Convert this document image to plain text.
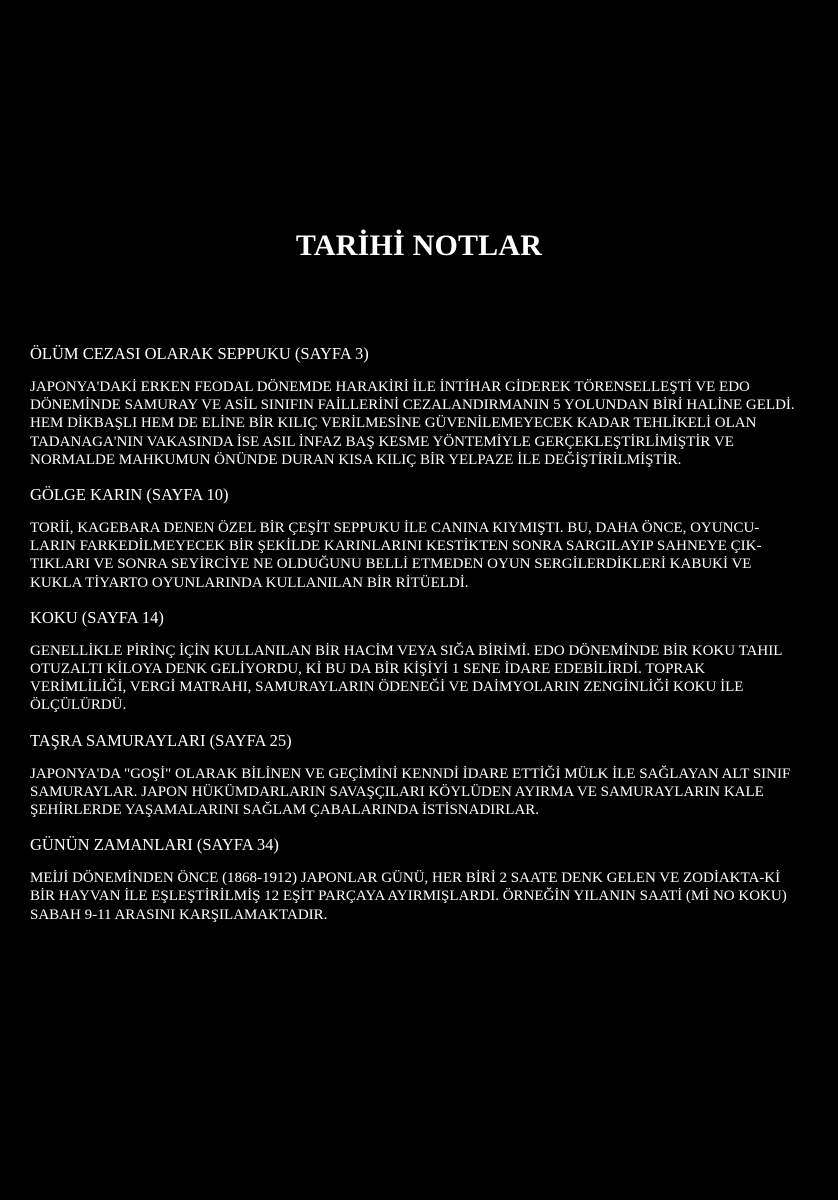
TARİHİ NOTLAR
ÖLÜM CEZASI OLARAK SEPPUKU (SAYFA 3)

JAPONYA'DAKİ ERKEN FEODAL DÖNEMDE HARAKİRİ İLE İNTİHAR GİDEREK TÖRENSELLEŞTİ VE EDO DÖNEMİNDE SAMURAY VE ASİL SINIFIN FAİLLERİNİ CEZALANDIRMANIN 5 YOLUNDAN BİRİ HALİNE GELDİ. HEM DİKBAŞLI HEM DE ELİNE BİR KILIÇ VERİLMESİNE GÜVENİLEMEYECEK KADAR TEHLİKELİ OLAN TADANAGA'NIN VAKASINDA İSE ASIL İNFAZ BAŞ KESME YÖNTEMİYLE GERÇEKLEŞTİRLİMİŞTİR VE NORMALDE MAHKUMUN ÖNÜNDE DURAN KISA KILIÇ BİR YELPAZE İLE DEĞİŞTİRİLMİŞTİR.

GÖLGE KARIN (SAYFA 10)

TORİİ, KAGEBARA DENEN ÖZEL BİR ÇEŞİT SEPPUKU İLE CANINA KIYMIŞTI. BU, DAHA ÖNCE, OYUNCU-LARIN FARKEDİLMEYECEK BİR ŞEKİLDE KARINLARINI KESTİKTEN SONRA SARGILAYIP SAHNEYE ÇIK-TIKLARI VE SONRA SEYİRCİYE NE OLDUĞUNU BELLİ ETMEDEN OYUN SERGİLERDİKLERİ KABUKİ VE KUKLA TİYARTO OYUNLARINDA KULLANILAN BİR RİTÜELDİ.

KOKU (SAYFA 14)

GENELLİKLE PİRİNÇ İÇİN KULLANILAN BİR HACİM VEYA SIĞA BİRİMİ. EDO DÖNEMİNDE BİR KOKU TAHIL OTUZALTI KİLOYA DENK GELİYORDU, Kİ BU DA BİR KİŞİYİ 1 SENE İDARE EDEBİLİRDİ. TOPRAK VERİMLİLİĞİ, VERGİ MATRAHI, SAMURAYLARIN ÖDENEĞİ VE DAİMYOLARIN ZENGİNLİĞİ KOKU İLE ÖLÇÜLÜRDÜ.

TAŞRA SAMURAYLARI (SAYFA 25)

JAPONYA'DA "GOŞİ" OLARAK BİLİNEN VE GEÇİMİNİ KENNDİ İDARE ETTİĞİ MÜLK İLE SAĞLAYAN ALT SINIF SAMURAYLAR. JAPON HÜKÜMDARLARIN SAVAŞÇILARI KÖYLÜDEN AYIRMA VE SAMURAYLARIN KALE ŞEHİRLERDE YAŞAMALARINI SAĞLAM ÇABALARINDA İSTİSNADIRLAR.

GÜNÜN ZAMANLARI (SAYFA 34)

MEİJİ DÖNEMİNDEN ÖNCE (1868-1912) JAPONLAR GÜNÜ, HER BİRİ 2 SAATE DENK GELEN VE ZODİAKTA-Kİ BİR HAYVAN İLE EŞLEŞTİRİLMİŞ 12 EŞİT PARÇAYA AYIRMIŞLARDI. ÖRNEĞİN YILANIN SAATİ (Mİ NO KOKU) SABAH 9-11 ARASINI KARŞILAMAKTADIR.
